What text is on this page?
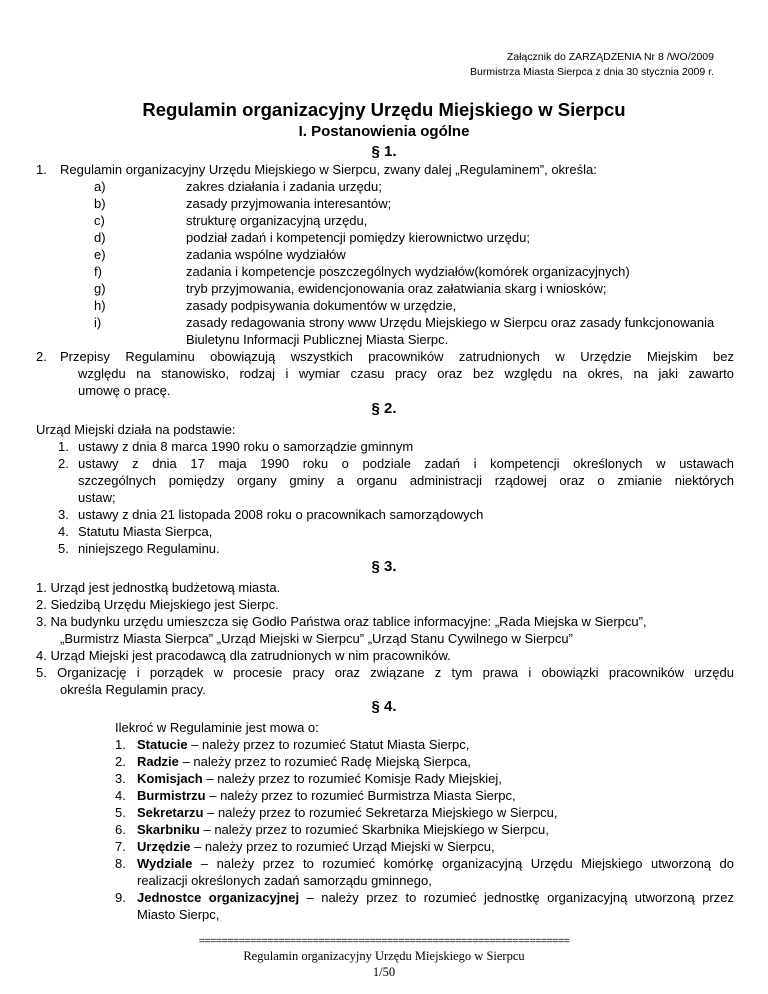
Załącznik do ZARZĄDZENIA Nr 8 /WO/2009
Burmistrza Miasta Sierpca z dnia 30 stycznia 2009 r.
Regulamin organizacyjny Urzędu Miejskiego w Sierpcu
I. Postanowienia ogólne
§ 1.
1. Regulamin organizacyjny Urzędu Miejskiego w Sierpcu, zwany dalej „Regulaminem”, określa:
a)	zakres działania i zadania urzędu;
b)	zasady przyjmowania interesantów;
c)	strukturę organizacyjną urzędu,
d)	podział zadań i kompetencji pomiędzy kierownictwo urzędu;
e)	zadania wspólne wydziałów
f)	zadania i kompetencje poszczególnych wydziałów(komórek organizacyjnych)
g)	tryb przyjmowania, ewidencjonowania oraz załatwiania skarg i wniosków;
h)	zasady podpisywania dokumentów w urzędzie,
i)	zasady redagowania strony www Urzędu Miejskiego w Sierpcu oraz zasady funkcjonowania
Biuletynu Informacji Publicznej Miasta Sierpc.
2. Przepisy Regulaminu obowiązują wszystkich pracowników zatrudnionych w Urzędzie Miejskim bez
względu na stanowisko, rodzaj i wymiar czasu pracy oraz bez względu na okres, na jaki zawarto
umowę o pracę.
§ 2.
Urząd Miejski działa na podstawie:
1. ustawy z dnia 8 marca 1990 roku o samorządzie gminnym
2. ustawy z dnia 17 maja 1990 roku o podziale zadań i kompetencji określonych w ustawach
szczególnych pomiędzy organy gminy a organu administracji rządowej oraz o zmianie niektórych
ustaw;
3. ustawy z dnia 21 listopada 2008 roku o pracownikach samorządowych
4. Statutu Miasta Sierpca,
5. niniejszego Regulaminu.
§ 3.
1. Urząd jest jednostką budżetową miasta.
2. Siedzibą Urzędu Miejskiego jest Sierpc.
3. Na budynku urzędu umieszcza się Godło Państwa oraz tablice informacyjne: „Rada Miejska w Sierpcu”,
„Burmistrz Miasta Sierpca” „Urząd Miejski w Sierpcu” „Urząd Stanu Cywilnego w Sierpcu”
4. Urząd Miejski jest pracodawcą dla zatrudnionych w nim pracowników.
5. Organizację i porządek w procesie pracy oraz związane z tym prawa i obowiązki pracowników urzędu
określa Regulamin pracy.
§ 4.
Ilekroć w Regulaminie jest mowa o:
1. Statucie – należy przez to rozumieć Statut Miasta Sierpc,
2. Radzie – należy przez to rozumieć Radę Miejską Sierpca,
3. Komisjach – należy przez to rozumieć Komisje Rady Miejskiej,
4. Burmistrzu – należy przez to rozumieć Burmistrza Miasta Sierpc,
5. Sekretarzu – należy przez to rozumieć Sekretarza Miejskiego w Sierpcu,
6. Skarbniku – należy przez to rozumieć Skarbnika Miejskiego w Sierpcu,
7. Urzędzie – należy przez to rozumieć Urząd Miejski w Sierpcu,
8. Wydziale – należy przez to rozumieć komórkę organizacyjną Urzędu Miejskiego utworzoną do
realizacji określonych zadań samorządu gminnego,
9. Jednostce organizacyjnej – należy przez to rozumieć jednostkę organizacyjną utworzoną przez
Miasto Sierpc,
=================================================================
Regulamin organizacyjny Urzędu Miejskiego w Sierpcu
1/50
